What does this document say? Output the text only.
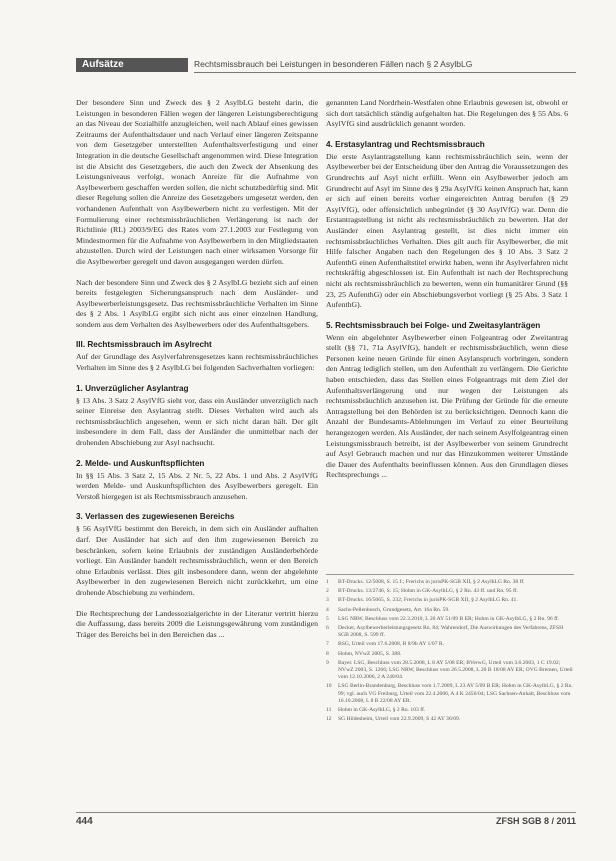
Aufsätze	Rechtsmissbrauch bei Leistungen in besonderen Fällen nach § 2 AsylbLG

Der besondere Sinn und Zweck des § 2 AsylbLG besteht darin, die Leistungen in besonderen Fällen wegen der längeren Leistungsberechtigung an das Niveau der Sozialhilfe anzugleichen, weil nach Ablauf eines gewissen Zeitraums der Aufenthaltsdauer und nach Verlauf einer längeren Zeitspanne von dem Gesetzgeber unterstellten Aufenthaltsverfestigung und einer Integration in die deutsche Gesellschaft angenommen wird. Diese Integration ist die Absicht des Gesetzgebers, die auch den Zweck der Absenkung des Leistungsniveaus verfolgt, wonach Anreize für die Aufnahme von Asylbewerbern geschaffen werden sollen, die nicht schutzbedürftig sind. Mit dieser Regelung sollen die Anreize des Gesetzgebers umgesetzt werden, den vorhandenen Aufenthalt von Asylbewerbern nicht zu verfestigen. Mit der Formulierung einer rechtsmissbräuchlichen Verlängerung ist nach der Richtlinie (RL) 2003/9/EG des Rates vom 27.1.2003 zur Festlegung von Mindestnormen für die Aufnahme von Asylbewerbern in den Mitgliedstaaten abzustellen. Durch wird der Leistungen nach einer wirksamen Vorsorge für die Asylbewerber geregelt und davon ausgegangen werden dürfen.

Nach der besondere Sinn und Zweck des § 2 AsylbLG bezieht sich auf einen bereits festgelegten Sicherungsanspruch nach dem Ausländer- und Asylbewerberleistungsgesetz. Das rechtsmissbräuchliche Verhalten im Sinne des § 2 Abs. 1 AsylbLG ergibt sich nicht aus einer einzelnen Handlung, sondern aus dem Verhalten des Asylbewerbers oder des Aufenthaltsgebers.

III. Rechtsmissbrauch im Asylrecht

Auf der Grundlage des Asylverfahrensgesetzes kann rechtsmissbräuchliches Verhalten im Sinne des § 2 AsylbLG bei folgenden Sachverhalten vorliegen:

1. Unverzüglicher Asylantrag

§ 13 Abs. 3 Satz 2 AsylVfG sieht vor, dass ein Ausländer unverzüglich nach seiner Einreise den Asylantrag stellt. Dieses Verhalten wird auch als rechtsmissbräuchlich angesehen, wenn er sich nicht daran hält. Der gilt insbesondere in dem Fall, dass der Ausländer die unmittelbar nach der drohenden Abschiebung zur Asyl nachsucht.

2. Melde- und Auskunftspflichten

In §§ 15 Abs. 3 Satz 2, 15 Abs. 2 Nr. 5, 22 Abs. 1 und Abs. 2 AsylVfG werden Melde- und Auskunftspflichten des Asylbewerbers geregelt. Ein Verstoß hiergegen ist als Rechtsmissbrauch anzusehen.

3. Verlassen des zugewiesenen Bereichs

§ 56 AsylVfG bestimmt den Bereich, in dem sich ein Ausländer aufhalten darf. Der Ausländer hat sich auf den ihm zugewiesenen Bereich zu beschränken, sofern keine Erlaubnis der zuständigen Ausländerbehörde vorliegt. Ein Ausländer handelt rechtsmissbräuchlich, wenn er den Bereich ohne Erlaubnis verlässt. Dies gilt insbesondere dann, wenn der abgelehnte Asylbewerber in den zugewiesenen Bereich nicht zurückkehrt, um eine drohende Abschiebung zu verhindern.

Die Rechtsprechung der Landessozialgerichte in der Literatur vertritt hierzu die Auffassung, dass bereits 2009 die Leistungsgewährung vom zuständigen Träger des Bereichs bei in den Bereichen das ...

genannten Land Nordrhein-Westfalen ohne Erlaubnis gewesen ist, obwohl er sich dort tatsächlich ständig aufgehalten hat. Die Regelungen des § 55 Abs. 6 AsylVfG sind ausdrücklich genannt worden.

4. Erstasylantrag und Rechtsmissbrauch

Die erste Asylantragstellung kann rechtsmissbräuchlich sein, wenn der Asylbewerber bei der Entscheidung über den Antrag die Voraussetzungen des Grundrechts auf Asyl nicht erfüllt. Wenn ein Asylbewerber jedoch am Grundrecht auf Asyl im Sinne des § 29a AsylVfG keinen Anspruch hat, kann er sich auf einen bereits vorher eingereichten Antrag berufen (§ 29 AsylVfG), oder offensichtlich unbegründet (§ 30 AsylVfG) war. Denn die Erstantragstellung ist nicht als rechtsmissbräuchlich zu bewerten. Hat der Ausländer einen Asylantrag gestellt, ist dies nicht immer ein rechtsmissbräuchliches Verhalten. Dies gilt auch für Asylbewerber, die mit Hilfe falscher Angaben nach den Regelungen des § 10 Abs. 3 Satz 2 AufenthG einen Aufenthaltstitel erwirkt haben, wenn ihr Asylverfahren nicht rechtskräftig abgeschlossen ist. Ein Aufenthalt ist nach der Rechtsprechung nicht als rechtsmissbräuchlich zu bewerten, wenn ein humanitärer Grund (§§ 23, 25 AufenthG) oder ein Abschiebungsverbot vorliegt (§ 25 Abs. 3 Satz 1 AufenthG).

5. Rechtsmissbrauch bei Folge- und Zweitasylanträgen

Wenn ein abgelehnter Asylbewerber einen Folgeantrag oder Zweitantrag stellt (§§ 71, 71a AsylVfG), handelt er rechtsmissbräuchlich, wenn diese Personen keine neuen Gründe für einen Asylanspruch vorbringen, sondern den Antrag lediglich stellen, um den Aufenthalt zu verlängern. Die Gerichte haben entschieden, dass das Stellen eines Folgeantrags mit dem Ziel der Aufenthaltsverlängerung und nur wegen der Leistungen als rechtsmissbräuchlich anzusehen ist. Die Prüfung der Gründe für die erneute Antragstellung bei den Behörden ist zu berücksichtigen. Dennoch kann die Anzahl der Bundesamts-Ablehnungen im Verlauf zu einer Beurteilung herangezogen werden. Als Ausländer, der nach seinem Asylfolgeantrag einen Leistungsmissbrauch betreibt, ist der Asylbewerber von seinem Grundrecht auf Asyl Gebrauch machen und nur das Hinzukommen weiterer Umstände die Dauer des Aufenthalts beeinflussen können. Aus den Grundlagen dieses Rechtsprechungs ...

1	BT-Drucks. 12/5008, S. 15 f.; Frerichs in jurisPK-SGB XII, § 2 AsylbLG Rn. 38 ff.
2	BT-Drucks. 13/2746, S. 15; Hohm in GK-AsylbLG, § 2 Rn. 43 ff. und Rn. 95 ff.
3	BT-Drucks. 16/5065, S. 232; Frerichs in jurisPK-SGB XII, § 2 AsylbLG Rn. 41.
4	Sachs-Pellenbusch, Grundgesetz, Art. 16a Rn. 59.
5	LSG NRW, Beschluss vom 22.3.2010, L 20 AY 51/09 B ER; Hohm in GK-AsylbLG, § 2 Rn. 96 ff.
6	Decker, Asylbewerberleistungsgesetz Rn. 84; Wahrendorf, Die Auswirkungen des Verfahrens, ZFSH SGB 2008, S. 599 ff.
7	BSG, Urteil vom 17.6.2008, B 8/9b AY 1/07 R.
8	Hohm, NVwZ 2005, S. 388.
9	Bayer. LSG, Beschluss vom 28.5.2008, L 8 AY 5/08 ER; BVerwG, Urteil vom 3.6.2003, 1 C 19.02; NVwZ 2003, S. 1266; LSG NRW, Beschluss vom 26.5.2008, L 20 B 18/08 AY ER; OVG Bremen, Urteil vom 12.10.2006, 2 A 240/04.
10	LSG Berlin-Brandenburg, Beschluss vom 1.7.2009, L 23 AY 5/09 B ER; Hohm in GK-AsylbLG, § 2 Rn. 99; vgl. auch VG Freiburg, Urteil vom 22.4.2006, A 4 K 2456/04; LSG Sachsen-Anhalt, Beschluss vom 16.10.2008, L 8 B 22/08 AY ER.
11	Hohm in GK-AsylbLG, § 2 Rn. 103 ff.
12	SG Hildesheim, Urteil vom 22.9.2009, S 42 AY 36/09.
444	ZFSH SGB 8 / 2011
